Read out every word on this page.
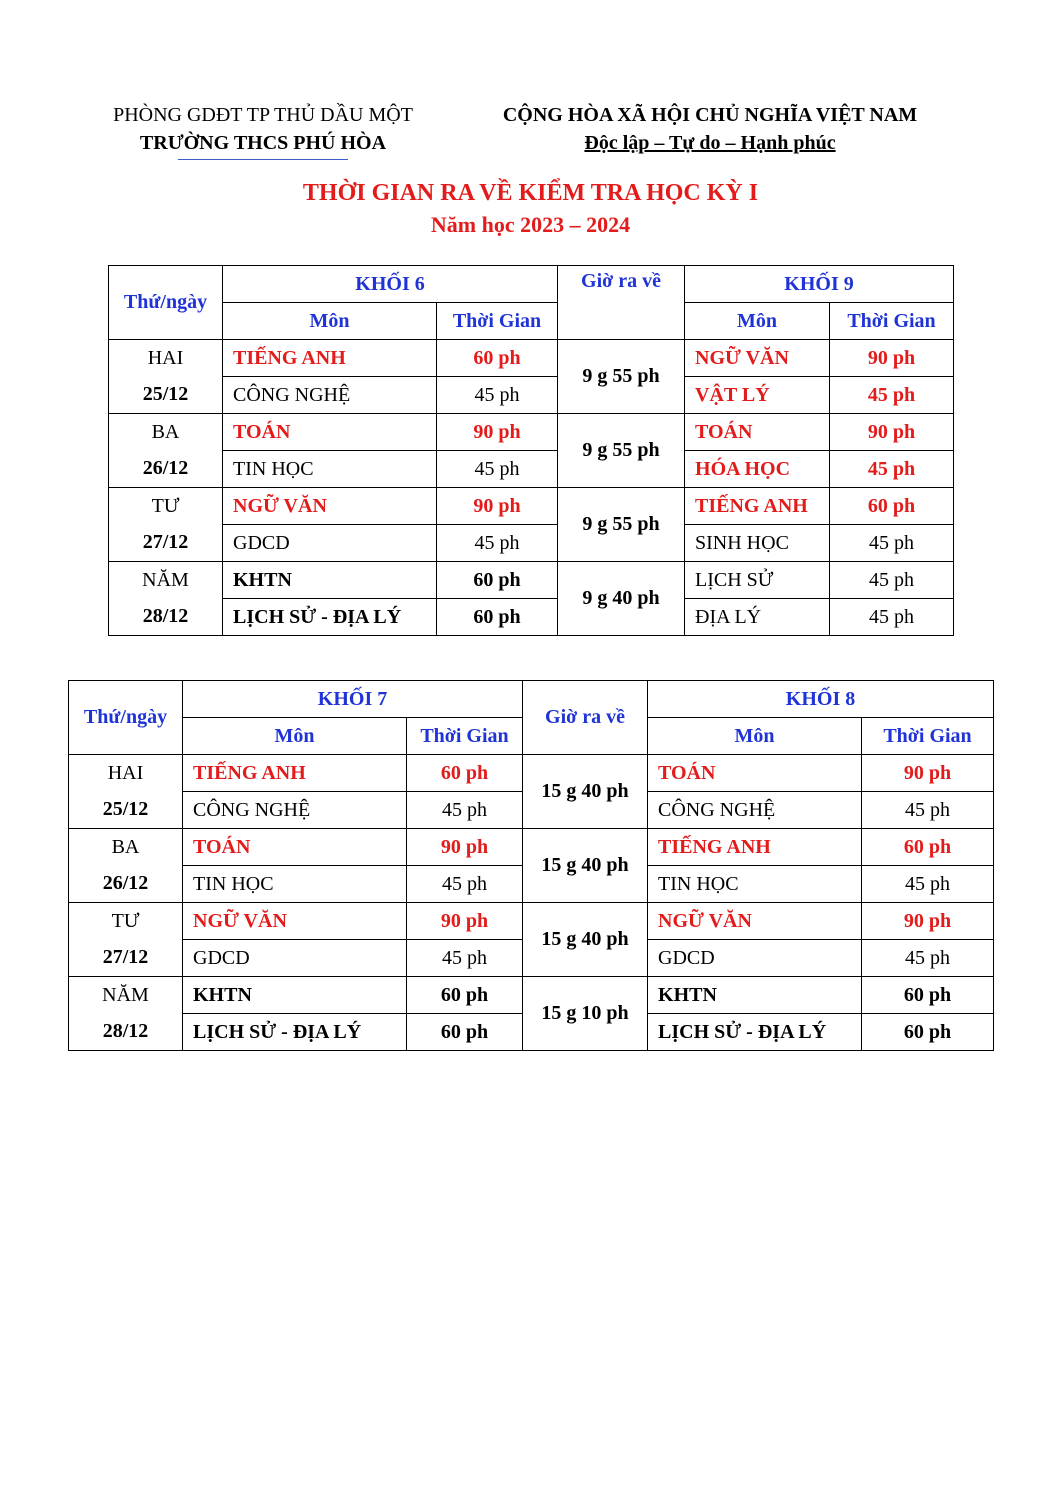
PHÒNG GDĐT TP THỦ DẦU MỘT
TRƯỜNG THCS PHÚ HÒA
CỘNG HÒA XÃ HỘI CHỦ NGHĨA VIỆT NAM
Độc lập – Tự do – Hạnh phúc
THỜI GIAN RA VỀ KIỂM TRA HỌC KỲ I
Năm học 2023 – 2024
Thứ/ngày	KHỐI 6		Giờ ra về	KHỐI 9	
	Môn	Thời Gian		Môn	Thời Gian
HAI	TIẾNG ANH	60 ph	9 g 55 ph	NGỮ VĂN	90 ph
25/12	CÔNG NGHỆ	45 ph		VẬT LÝ	45 ph
BA	TOÁN	90 ph	9 g 55 ph	TOÁN	90 ph
26/12	TIN HỌC	45 ph		HÓA HỌC	45 ph
TƯ	NGỮ VĂN	90 ph	9 g 55 ph	TIẾNG ANH	60 ph
27/12	GDCD	45 ph		SINH HỌC	45 ph
NĂM	KHTN	60 ph	9 g 40 ph	LỊCH SỬ	45 ph
28/12	LỊCH SỬ - ĐỊA LÝ	60 ph		ĐỊA LÝ	45 ph
Thứ/ngày	KHỐI 7		Giờ ra về	KHỐI 8	
	Môn	Thời Gian		Môn	Thời Gian
HAI	TIẾNG ANH	60 ph	15 g 40 ph	TOÁN	90 ph
25/12	CÔNG NGHỆ	45 ph		CÔNG NGHỆ	45 ph
BA	TOÁN	90 ph	15 g 40 ph	TIẾNG ANH	60 ph
26/12	TIN HỌC	45 ph		TIN HỌC	45 ph
TƯ	NGỮ VĂN	90 ph	15 g 40 ph	NGỮ VĂN	90 ph
27/12	GDCD	45 ph		GDCD	45 ph
NĂM	KHTN	60 ph	15 g 10 ph	KHTN	60 ph
28/12	LỊCH SỬ - ĐỊA LÝ	60 ph		LỊCH SỬ - ĐỊA LÝ	60 ph
